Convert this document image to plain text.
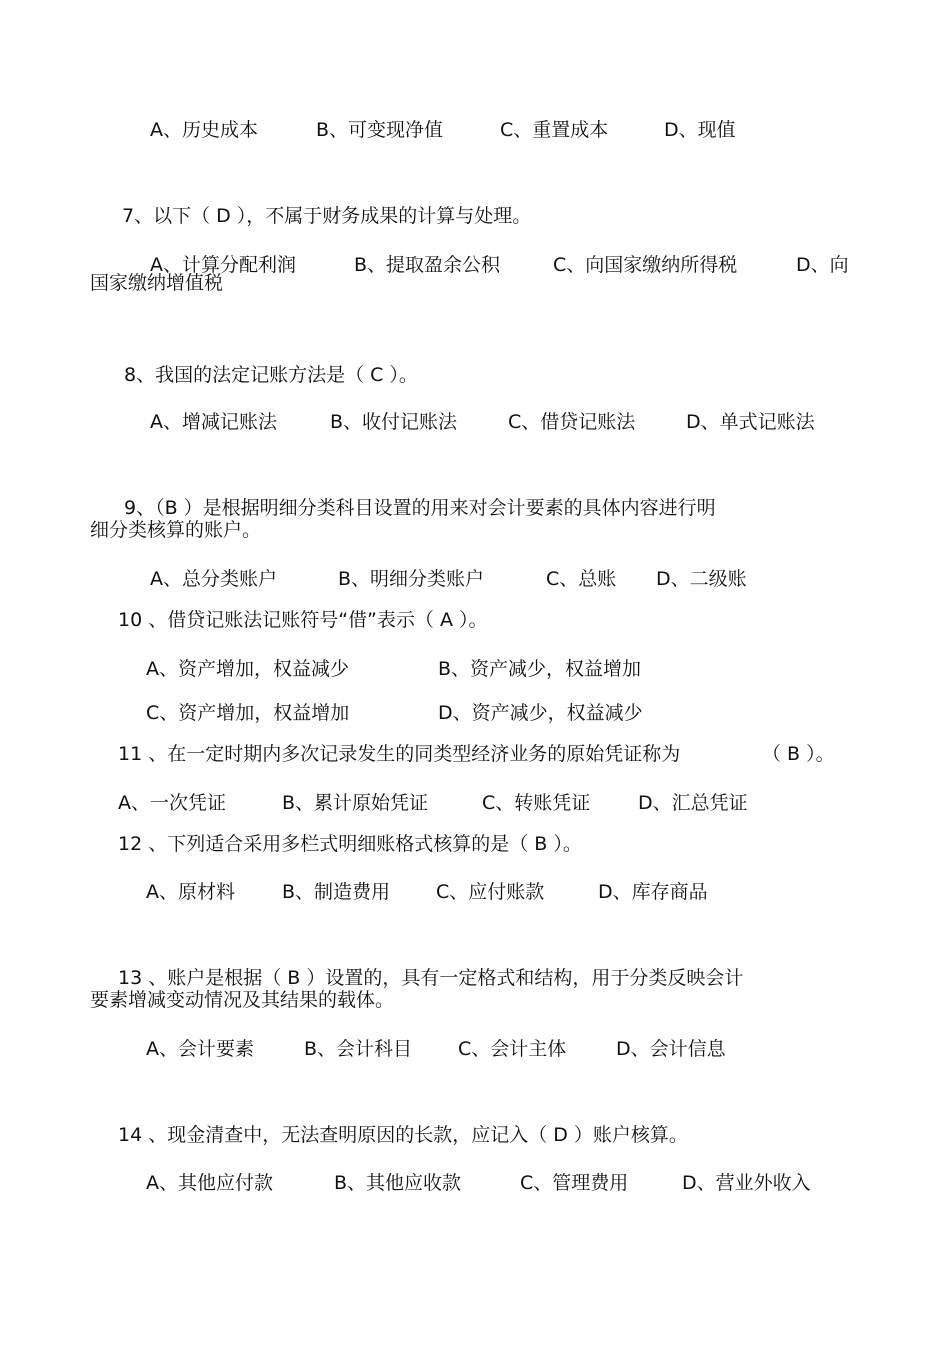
A、历史成本	B、可变现净值	C、重置成本	D、现值
7、以下（ D ），不属于财务成果的计算与处理。
A、计算分配利润	B、提取盈余公积	C、向国家缴纳所得税	D、向
国家缴纳增值税
8、我国的法定记账方法是（ C ）。
A、增减记账法	B、收付记账法	C、借贷记账法	D、单式记账法
9、（B ）是根据明细分类科目设置的用来对会计要素的具体内容进行明
细分类核算的账户。
A、总分类账户	B、明细分类账户	C、总账 D、二级账
10 、借贷记账法记账符号“借”表示（ A ）。
A、资产增加，权益减少	B、资产减少，权益增加
C、资产增加，权益增加	D、资产减少，权益减少
11 、在一定时期内多次记录发生的同类型经济业务的原始凭证称为	（ B ）。
A、一次凭证	B、累计原始凭证	C、转账凭证	D、汇总凭证
12 、下列适合采用多栏式明细账格式核算的是（ B ）。
A、原材料 B、制造费用 C、应付账款	D、库存商品
13 、账户是根据（ B ）设置的，具有一定格式和结构，用于分类反映会计
要素增减变动情况及其结果的载体。
A、会计要素	B、会计科目 C、会计主体	D、会计信息
14 、现金清查中，无法查明原因的长款，应记入（ D ）账户核算。
A、其他应付款	B、其他应收款	C、管理费用	D、营业外收入
